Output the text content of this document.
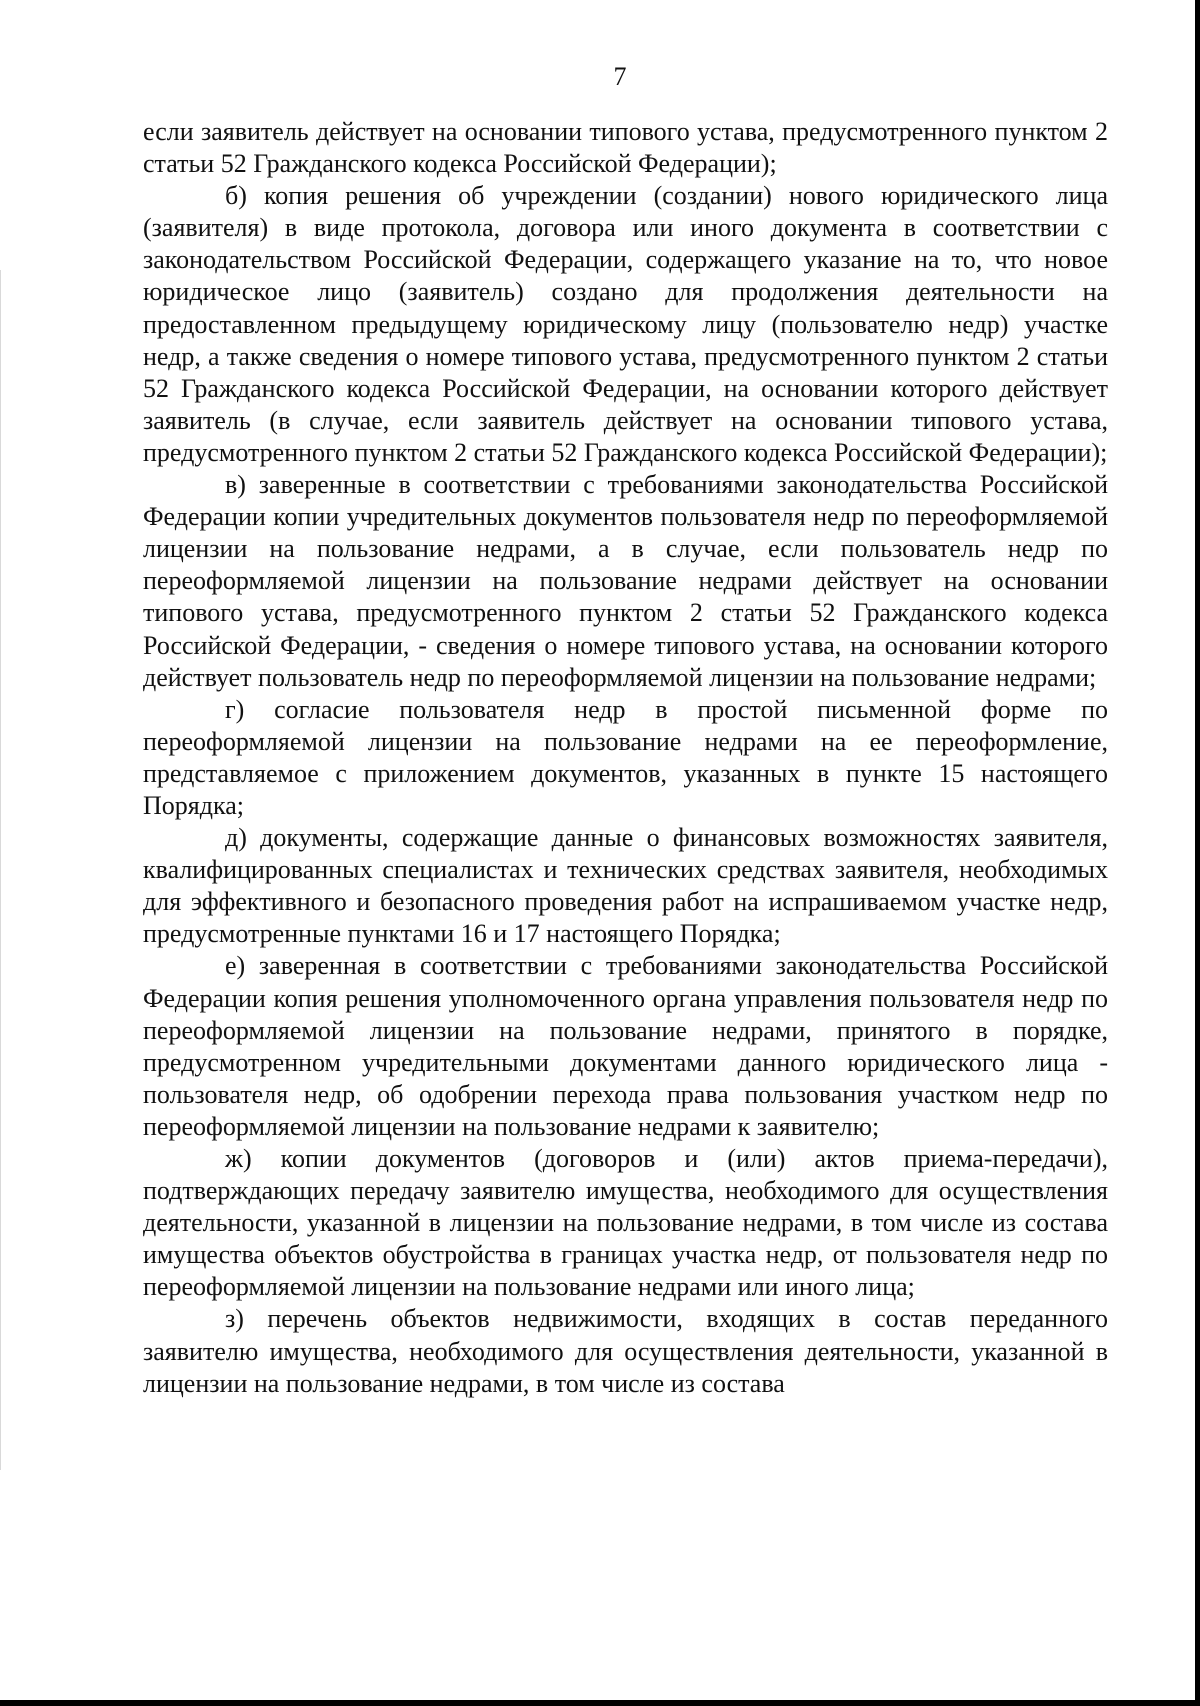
7

если заявитель действует на основании типового устава, предусмотренного пунктом 2 статьи 52 Гражданского кодекса Российской Федерации);

б) копия решения об учреждении (создании) нового юридического лица (заявителя) в виде протокола, договора или иного документа в соответствии с законодательством Российской Федерации, содержащего указание на то, что новое юридическое лицо (заявитель) создано для продолжения деятельности на предоставленном предыдущему юридическому лицу (пользователю недр) участке недр, а также сведения о номере типового устава, предусмотренного пунктом 2 статьи 52 Гражданского кодекса Российской Федерации, на основании которого действует заявитель (в случае, если заявитель действует на основании типового устава, предусмотренного пунктом 2 статьи 52 Гражданского кодекса Российской Федерации);

в) заверенные в соответствии с требованиями законодательства Российской Федерации копии учредительных документов пользователя недр по переоформляемой лицензии на пользование недрами, а в случае, если пользователь недр по переоформляемой лицензии на пользование недрами действует на основании типового устава, предусмотренного пунктом 2 статьи 52 Гражданского кодекса Российской Федерации, - сведения о номере типового устава, на основании которого действует пользователь недр по переоформляемой лицензии на пользование недрами;

г) согласие пользователя недр в простой письменной форме по переоформляемой лицензии на пользование недрами на ее переоформление, представляемое с приложением документов, указанных в пункте 15 настоящего Порядка;

д) документы, содержащие данные о финансовых возможностях заявителя, квалифицированных специалистах и технических средствах заявителя, необходимых для эффективного и безопасного проведения работ на испрашиваемом участке недр, предусмотренные пунктами 16 и 17 настоящего Порядка;

е) заверенная в соответствии с требованиями законодательства Российской Федерации копия решения уполномоченного органа управления пользователя недр по переоформляемой лицензии на пользование недрами, принятого в порядке, предусмотренном учредительными документами данного юридического лица - пользователя недр, об одобрении перехода права пользования участком недр по переоформляемой лицензии на пользование недрами к заявителю;

ж) копии документов (договоров и (или) актов приема-передачи), подтверждающих передачу заявителю имущества, необходимого для осуществления деятельности, указанной в лицензии на пользование недрами, в том числе из состава имущества объектов обустройства в границах участка недр, от пользователя недр по переоформляемой лицензии на пользование недрами или иного лица;

з) перечень объектов недвижимости, входящих в состав переданного заявителю имущества, необходимого для осуществления деятельности, указанной в лицензии на пользование недрами, в том числе из состава
